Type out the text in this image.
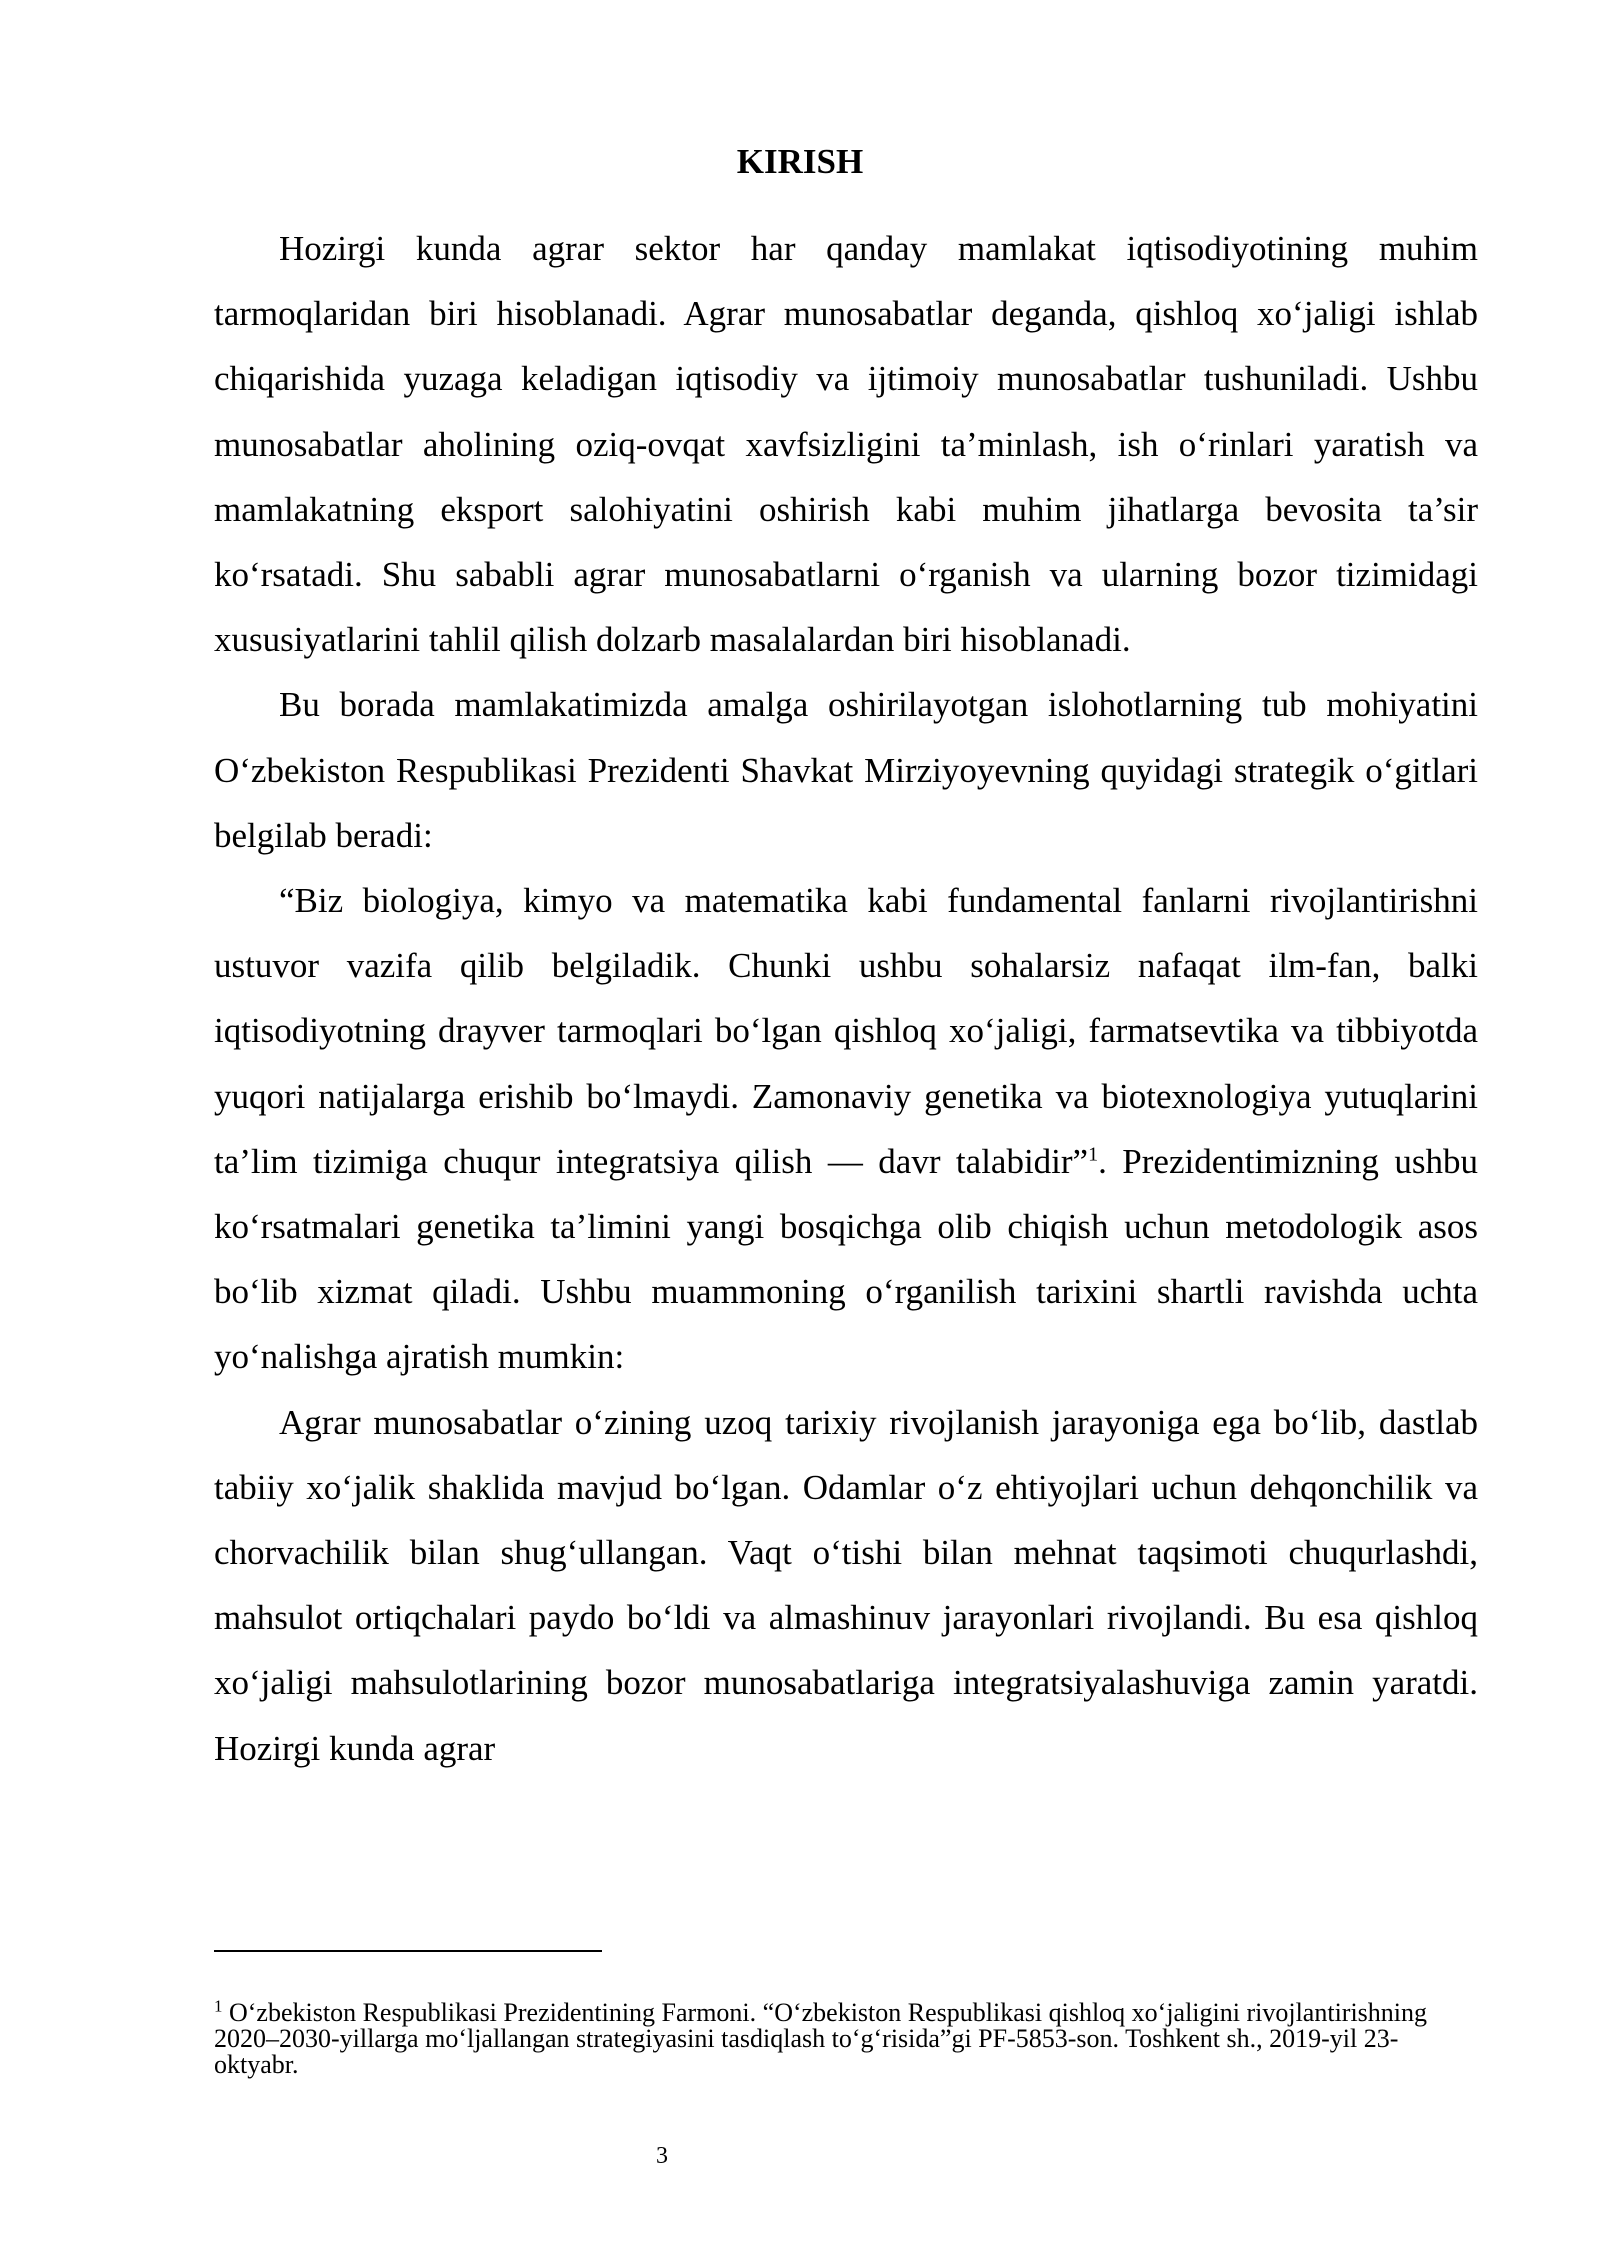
KIRISH

Hozirgi kunda agrar sektor har qanday mamlakat iqtisodiyotining muhim tarmoqlaridan biri hisoblanadi. Agrar munosabatlar deganda, qishloq xo‘jaligi ishlab chiqarishida yuzaga keladigan iqtisodiy va ijtimoiy munosabatlar tushuniladi. Ushbu munosabatlar aholining oziq-ovqat xavfsizligini ta’minlash, ish o‘rinlari yaratish va mamlakatning eksport salohiyatini oshirish kabi muhim jihatlarga bevosita ta’sir ko‘rsatadi. Shu sababli agrar munosabatlarni o‘rganish va ularning bozor tizimidagi xususiyatlarini tahlil qilish dolzarb masalalardan biri hisoblanadi.

Bu borada mamlakatimizda amalga oshirilayotgan islohotlarning tub mohiyatini O‘zbekiston Respublikasi Prezidenti Shavkat Mirziyoyevning quyidagi strategik o‘gitlari belgilab beradi:

“Biz biologiya, kimyo va matematika kabi fundamental fanlarni rivojlantirishni ustuvor vazifa qilib belgiladik. Chunki ushbu sohalarsiz nafaqat ilm-fan, balki iqtisodiyotning drayver tarmoqlari bo‘lgan qishloq xo‘jaligi, farmatsevtika va tibbiyotda yuqori natijalarga erishib bo‘lmaydi. Zamonaviy genetika va biotexnologiya yutuqlarini ta’lim tizimiga chuqur integratsiya qilish — davr talabidir”$^1$. Prezidentimizning ushbu ko‘rsatmalari genetika ta’limini yangi bosqichga olib chiqish uchun metodologik asos bo‘lib xizmat qiladi. Ushbu muammoning o‘rganilish tarixini shartli ravishda uchta yo‘nalishga ajratish mumkin:

Agrar munosabatlar o‘zining uzoq tarixiy rivojlanish jarayoniga ega bo‘lib, dastlab tabiiy xo‘jalik shaklida mavjud bo‘lgan. Odamlar o‘z ehtiyojlari uchun dehqonchilik va chorvachilik bilan shug‘ullangan. Vaqt o‘tishi bilan mehnat taqsimoti chuqurlashdi, mahsulot ortiqchalari paydo bo‘ldi va almashinuv jarayonlari rivojlandi. Bu esa qishloq xo‘jaligi mahsulotlarining bozor munosabatlariga integratsiyalashuviga zamin yaratdi. Hozirgi kunda agrar

$^1$ O‘zbekiston Respublikasi Prezidentining Farmoni. “O‘zbekiston Respublikasi qishloq xo‘jaligini rivojlantirishning 2020–2030-yillarga mo‘ljallangan strategiyasini tasdiqlash to‘g‘risida”gi PF-5853-son. Toshkent sh., 2019-yil 23-oktyabr.
3
